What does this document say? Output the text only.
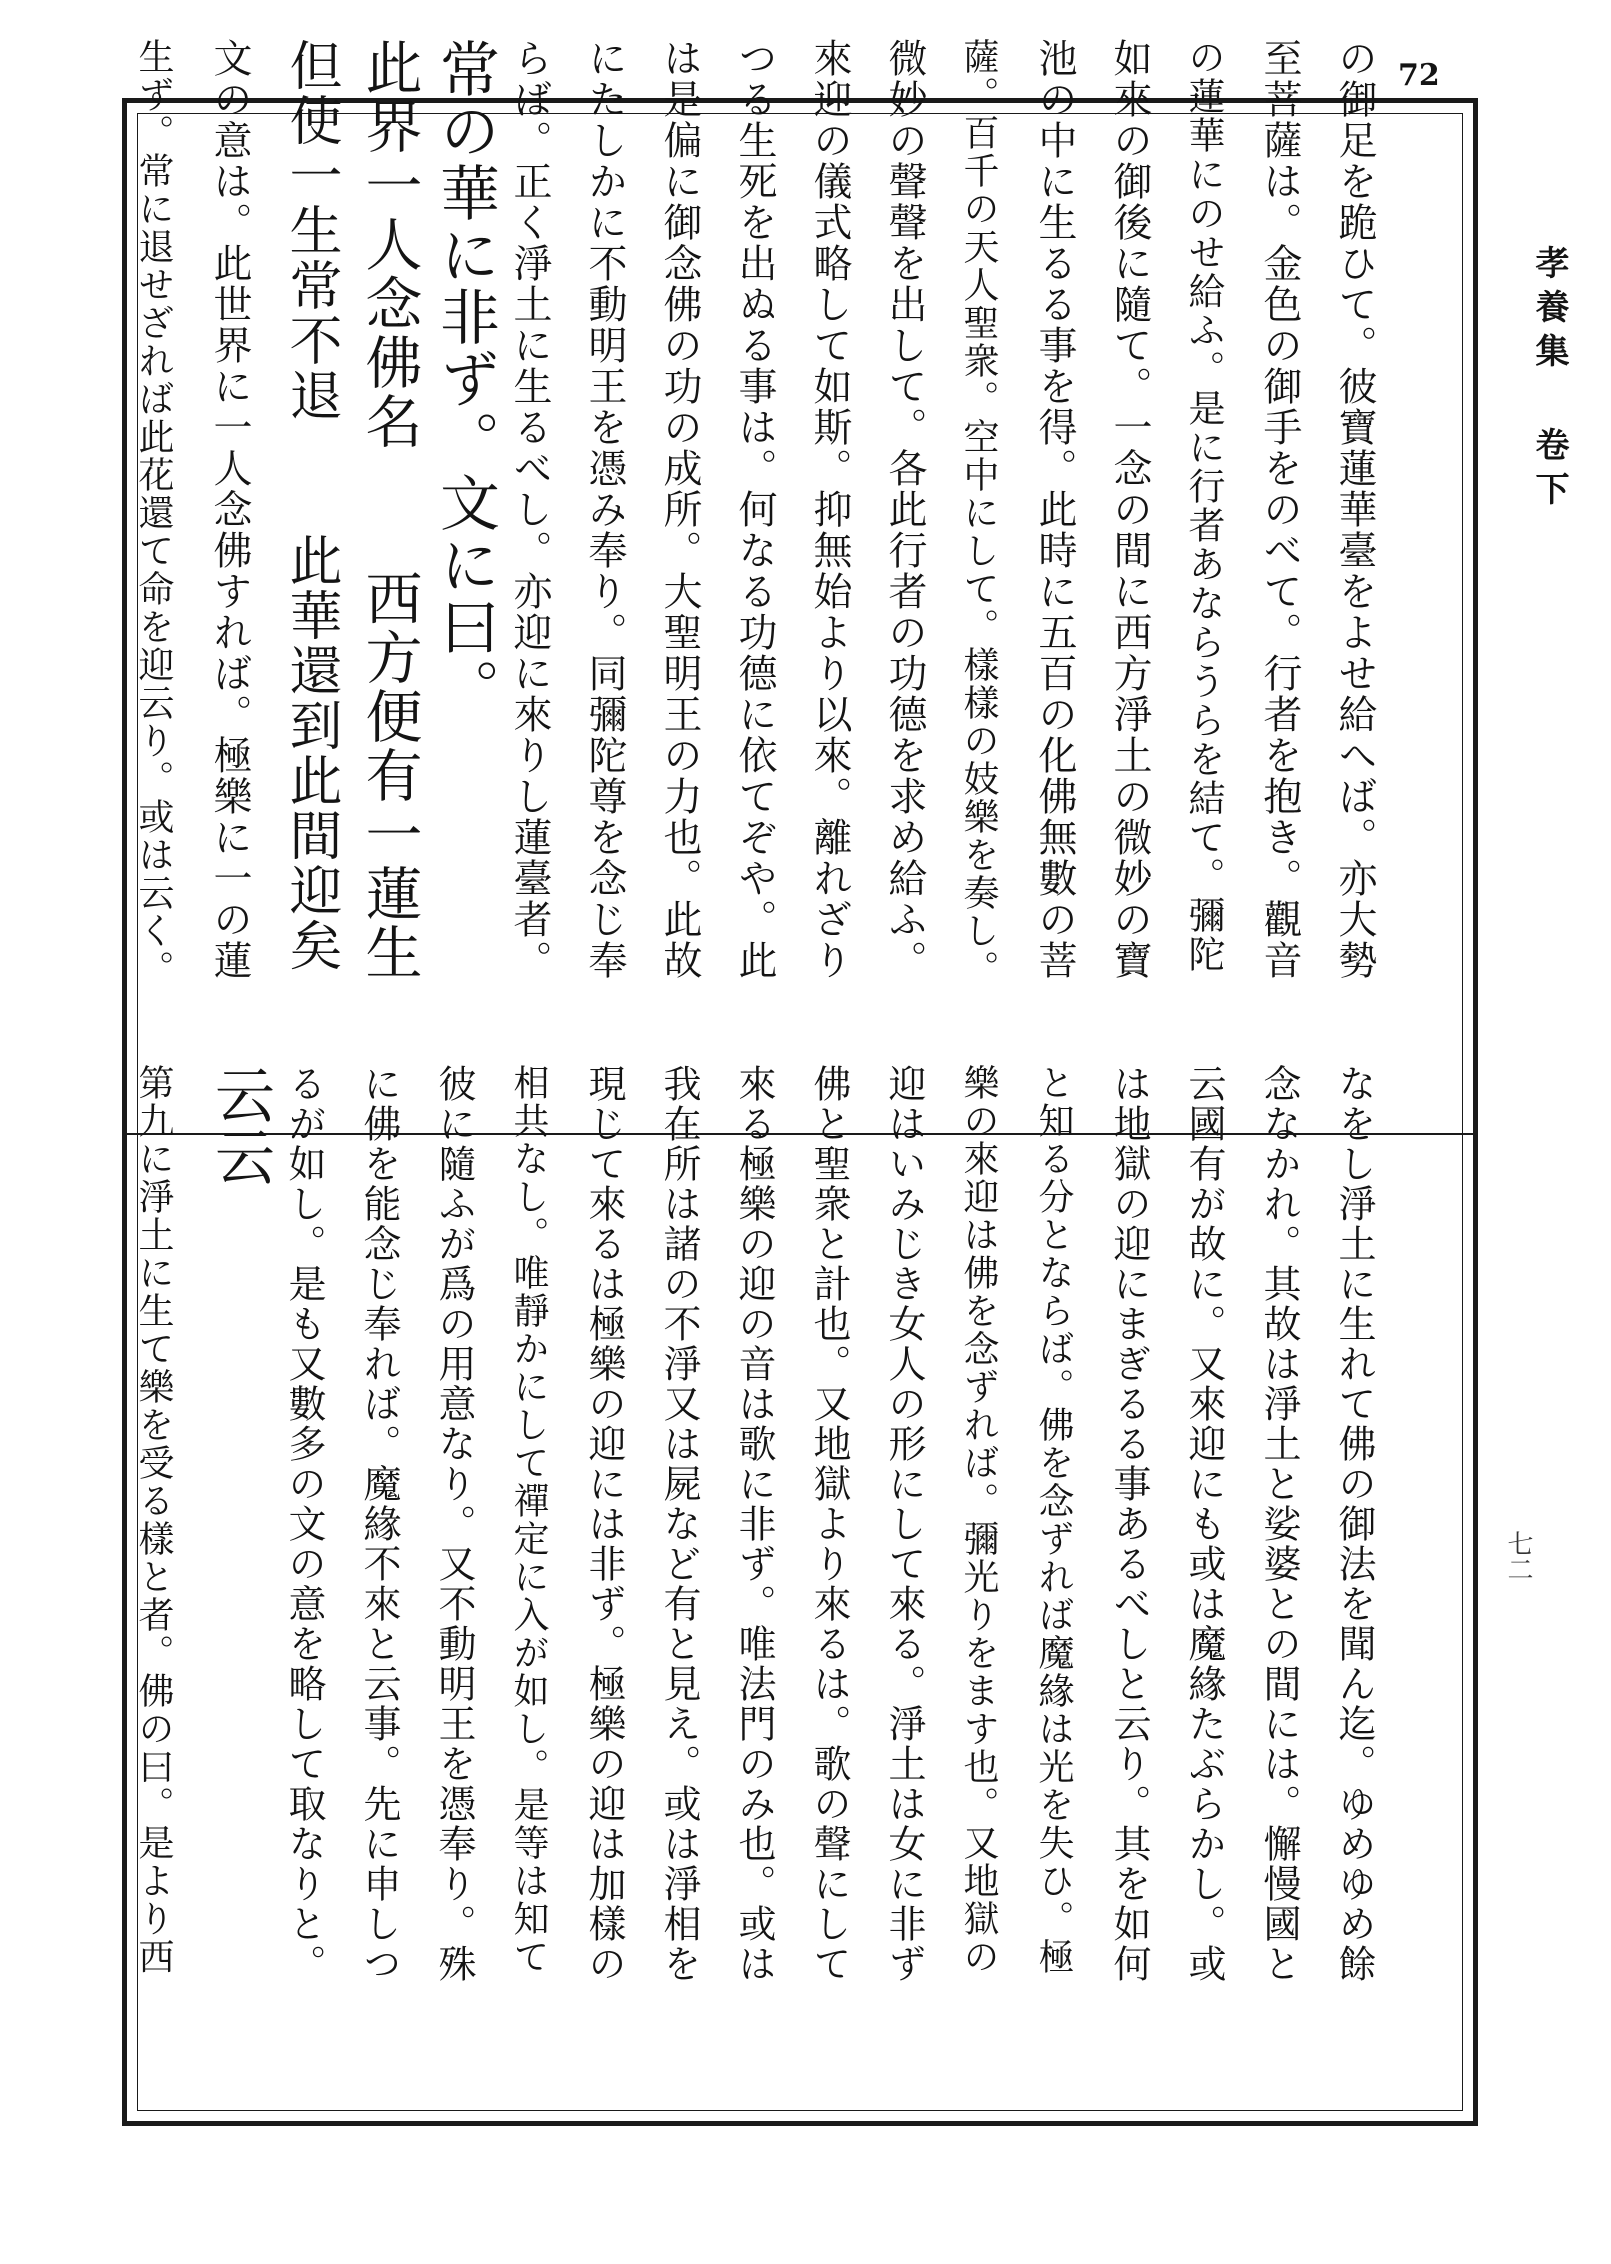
72
孝養集 卷下
七二
の御足を跪ひて。彼寶蓮華臺をよせ給へば。亦大勢
至菩薩は。金色の御手をのべて。行者を抱き。觀音
の蓮華にのせ給ふ。是に行者あならうらを結て。彌陀
如來の御後に隨て。一念の間に西方淨土の微妙の寶
池の中に生るる事を得。此時に五百の化佛無數の菩
薩。百千の天人聖衆。空中にして。樣樣の妓樂を奏し。
微妙の聲聲を出して。各此行者の功德を求め給ふ。
來迎の儀式略して如斯。抑無始より以來。離れざり
つる生死を出ぬる事は。何なる功德に依てぞや。此
は是偏に御念佛の功の成所。大聖明王の力也。此故
にたしかに不動明王を憑み奉り。同彌陀尊を念じ奉
らば。正く淨土に生るべし。亦迎に來りし蓮臺者。
常の華に非ず。文に曰。
此界一人念佛名　　西方便有一蓮生
但使一生常不退　　此華還到此間迎矣
文の意は。此世界に一人念佛すれば。極樂に一の蓮
生ず。常に退せざれば此花還て命を迎云り。或は云く。
なをし淨土に生れて佛の御法を聞ん迄。ゆめゆめ餘
念なかれ。其故は淨土と娑婆との間には。懈慢國と
云國有が故に。又來迎にも或は魔緣たぶらかし。或
は地獄の迎にまぎるる事あるべしと云り。其を如何
と知る分とならば。佛を念ずれば魔緣は光を失ひ。極
樂の來迎は佛を念ずれば。彌光りをます也。又地獄の
迎はいみじき女人の形にして來る。淨土は女に非ず
佛と聖衆と計也。又地獄より來るは。歌の聲にして
來る極樂の迎の音は歌に非ず。唯法門のみ也。或は
我在所は諸の不淨又は屍など有と見え。或は淨相を
現じて來るは極樂の迎には非ず。極樂の迎は加樣の
相共なし。唯靜かにして禪定に入が如し。是等は知て
彼に隨ふが爲の用意なり。又不動明王を憑奉り。殊
に佛を能念じ奉れば。魔緣不來と云事。先に申しつ
るが如し。是も又數多の文の意を略して取なりと。
云云
第九に淨土に生て樂を受る樣と者。佛の曰。是より西
